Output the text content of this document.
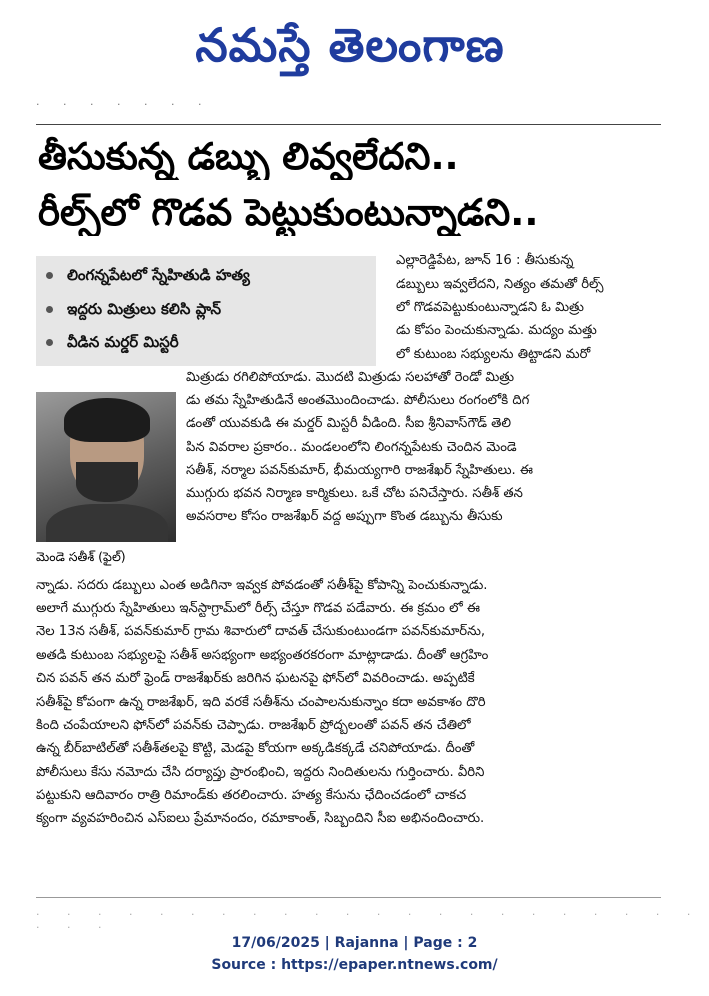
నమస్తే తెలంగాణ
· · · · · · ·
తీసుకున్న డబ్బు లివ్వలేదని..
రీల్స్‌లో గొడవ పెట్టుకుంటున్నాడని..
లింగన్నపేటలో స్నేహితుడి హత్య
ఇద్దరు మిత్రులు కలిసి ప్లాన్
వీడిన మర్డర్ మిస్టరీ
మెండె సతీశ్ (ఫైల్)
ఎల్లారెడ్డిపేట, జూన్ 16 : తీసుకున్న
డబ్బులు ఇవ్వలేదని, నిత్యం తమతో రీల్స్
లో గొడవపెట్టుకుంటున్నాడని ఓ మిత్రు
డు కోపం పెంచుకున్నాడు. మద్యం మత్తు
లో కుటుంబ సభ్యులను తిట్టాడని మరో
మిత్రుడు రగిలిపోయాడు. మొదటి మిత్రుడు సలహాతో రెండో మిత్రు
డు తమ స్నేహితుడినే అంతమొందించాడు. పోలీసులు రంగంలోకి దిగ
డంతో యువకుడి ఈ మర్డర్ మిస్టరీ వీడింది. సీఐ శ్రీనివాస్‌గౌడ్ తెలి
పిన వివరాల ప్రకారం.. మండలంలోని లింగన్నపేటకు చెందిన మెండె
సతీశ్, నర్మాల పవన్‌కుమార్, భీమయ్యగారి రాజశేఖర్ స్నేహితులు. ఈ
ముగ్గురు భవన నిర్మాణ కార్మికులు. ఒకే చోట పనిచేస్తారు. సతీశ్ తన
అవసరాల కోసం రాజశేఖర్ వద్ద అప్పుగా కొంత డబ్బును తీసుకు
న్నాడు. సదరు డబ్బులు ఎంత అడిగినా ఇవ్వక పోవడంతో సతీశ్‌పై కోపాన్ని పెంచుకున్నాడు.
అలాగే ముగ్గురు స్నేహితులు ఇన్‌స్టాగ్రామ్‌లో రీల్స్ చేస్తూ గొడవ పడేవారు. ఈ క్రమం లో ఈ
నెల 13న సతీశ్, పవన్‌కుమార్ గ్రామ శివారులో దావత్ చేసుకుంటుండగా పవన్‌కుమార్‌ను,
అతడి కుటుంబ సభ్యులపై సతీశ్ అసభ్యంగా అభ్యంతరకరంగా మాట్లాడాడు. దీంతో ఆగ్రహిం
చిన పవన్ తన మరో ఫ్రెండ్ రాజశేఖర్‌కు జరిగిన ఘటనపై ఫోన్‌లో వివరించాడు. అప్పటికే
సతీశ్‌పై కోపంగా ఉన్న రాజశేఖర్, ఇది వరకే సతీశ్‌ను చంపాలనుకున్నాం కదా అవకాశం దొరి
కింది చంపేయాలని ఫోన్‌లో పవన్‌కు చెప్పాడు. రాజశేఖర్ ప్రోద్బలంతో పవన్ తన చేతిలో
ఉన్న బీర్‌బాటిల్‌తో సతీశ్‌తలపై కొట్టి, మెడపై కోయగా అక్కడికక్కడే చనిపోయాడు. దీంతో
పోలీసులు కేసు నమోదు చేసి దర్యాప్తు ప్రారంభించి, ఇద్దరు నిందితులను గుర్తించారు. వీరిని
పట్టుకుని ఆదివారం రాత్రి రిమాండ్‌కు తరలించారు. హత్య కేసును ఛేదించడంలో చాకచ
క్యంగా వ్యవహరించిన ఎస్‌ఐలు ప్రేమానందం, రమాకాంత్, సిబ్బందిని సీఐ అభినందించారు.
· · · · · · · · · · · · · · · · · · · · · · · · ·
17/06/2025 | Rajanna | Page : 2
Source : https://epaper.ntnews.com/
